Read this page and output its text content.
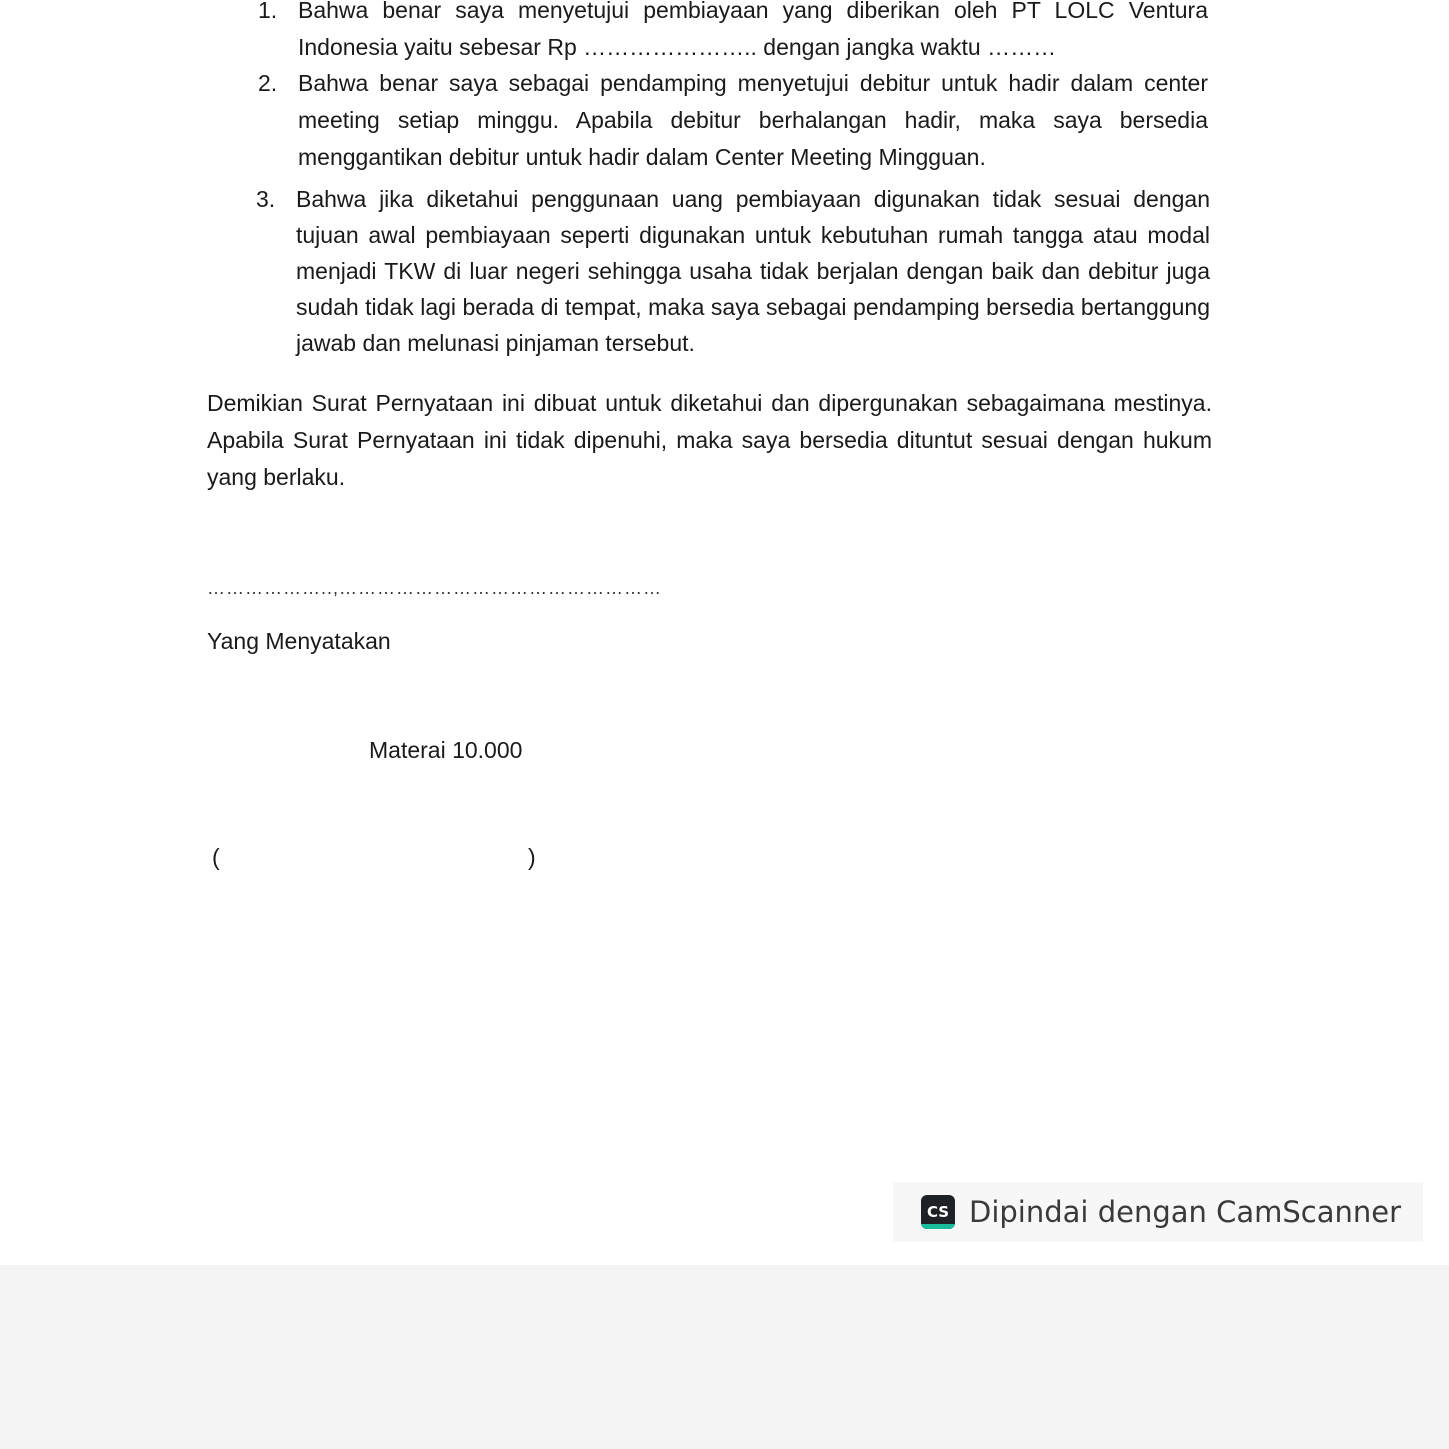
1. Bahwa benar saya menyetujui pembiayaan yang diberikan oleh PT LOLC Ventura Indonesia yaitu sebesar Rp ………………….. dengan jangka waktu ………
2. Bahwa benar saya sebagai pendamping menyetujui debitur untuk hadir dalam center meeting setiap minggu. Apabila debitur berhalangan hadir, maka saya bersedia menggantikan debitur untuk hadir dalam Center Meeting Mingguan.
3. Bahwa jika diketahui penggunaan uang pembiayaan digunakan tidak sesuai dengan tujuan awal pembiayaan seperti digunakan untuk kebutuhan rumah tangga atau modal menjadi TKW di luar negeri sehingga usaha tidak berjalan dengan baik dan debitur juga sudah tidak lagi berada di tempat, maka saya sebagai pendamping bersedia bertanggung jawab dan melunasi pinjaman tersebut.
Demikian Surat Pernyataan ini dibuat untuk diketahui dan dipergunakan sebagaimana mestinya. Apabila Surat Pernyataan ini tidak dipenuhi, maka saya bersedia dituntut sesuai dengan hukum yang berlaku.
………………..,……………………………………………
Yang Menyatakan
Materai 10.000
(	)
CS Dipindai dengan CamScanner
